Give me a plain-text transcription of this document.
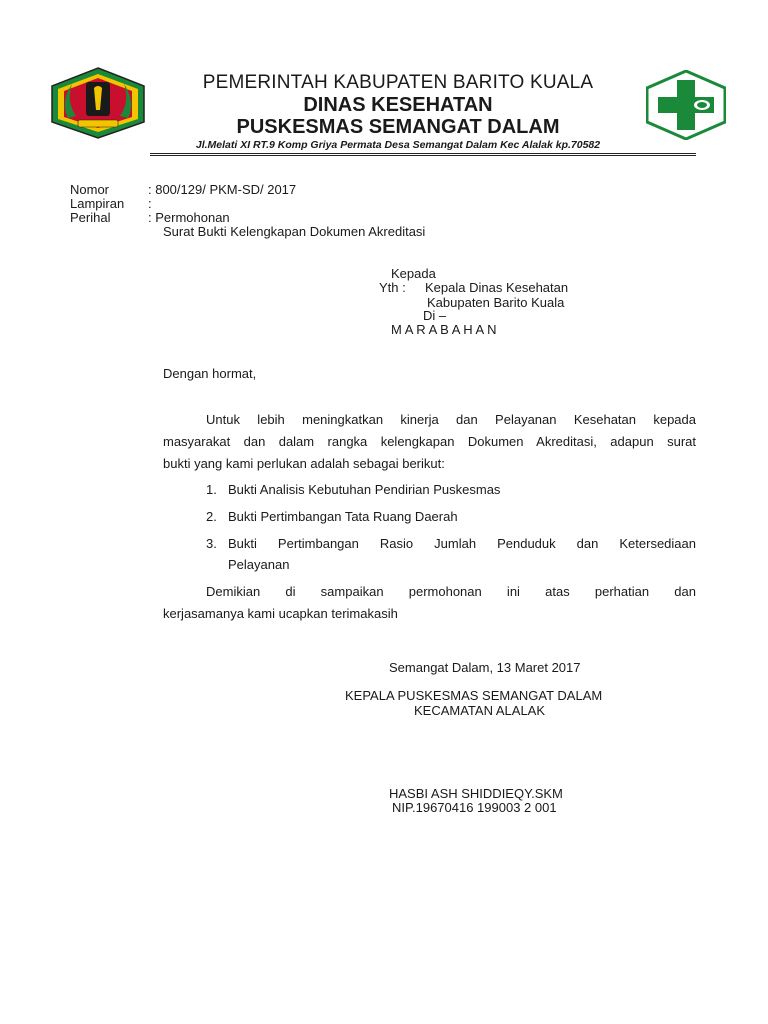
PEMERINTAH KABUPATEN BARITO KUALA
DINAS KESEHATAN
PUSKESMAS SEMANGAT DALAM
Jl.Melati XI RT.9 Komp Griya Permata Desa Semangat Dalam Kec Alalak kp.70582
Nomor	: 800/129/ PKM-SD/ 2017
Lampiran :
Perihal	: Permohonan
Surat Bukti Kelengkapan Dokumen Akreditasi
Kepada
Yth : Kepala Dinas Kesehatan
Kabupaten Barito Kuala
Di –
M A R A B A H A N
Dengan hormat,
Untuk lebih meningkatkan kinerja dan Pelayanan Kesehatan kepada
masyarakat dan dalam rangka kelengkapan Dokumen Akreditasi, adapun surat
bukti yang kami perlukan adalah sebagai berikut:
1. Bukti Analisis Kebutuhan Pendirian Puskesmas
2. Bukti Pertimbangan Tata Ruang Daerah
3. Bukti Pertimbangan Rasio Jumlah Penduduk dan Ketersediaan
Pelayanan
Demikian di sampaikan permohonan ini atas perhatian dan
kerjasamanya kami ucapkan terimakasih
Semangat Dalam, 13 Maret 2017
KEPALA PUSKESMAS SEMANGAT DALAM
KECAMATAN ALALAK
HASBI ASH SHIDDIEQY.SKM
NIP.19670416 199003 2 001
